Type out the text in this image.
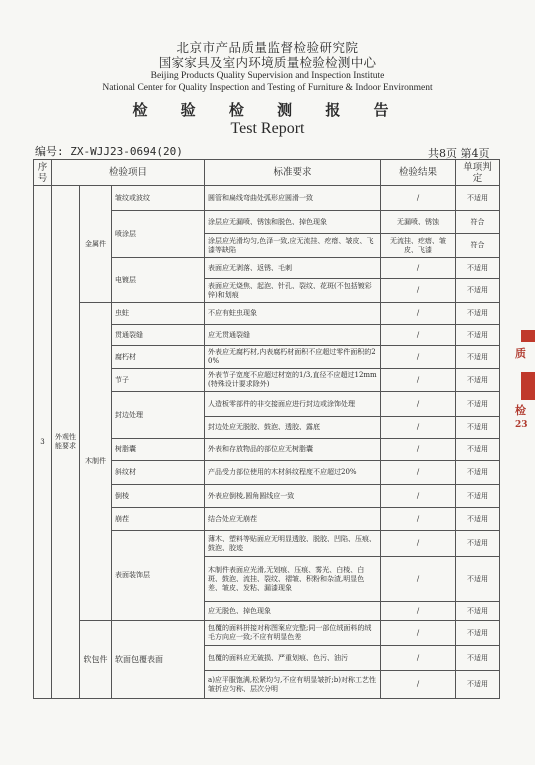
北京市产品质量监督检验研究院
国家家具及室内环境质量检验检测中心
Beijing Products Quality Supervision and Inspection Institute
National Center for Quality Inspection and Testing of Furniture & Indoor Environment
检 验 检 测 报 告
Test Report
编号: ZX-WJJ23-0694(20)	共8页 第4页
序号	检验项目			标准要求	检验结果	单项判定
3	外观性能要求	金属件	皱纹或波纹	圆管和扁线弯曲处弧形应圆滑一致	/	不适用
			喷涂层	涂层应无漏喷、锈蚀和脱色、掉色现象	无漏喷、锈蚀	符合
				涂层应光滑均匀,色泽一致,应无流挂、疙瘩、皱皮、飞漆等缺陷	无流挂、疙瘩、皱皮、飞漆	符合
			电镀层	表面应无剥落、返锈、毛刺	/	不适用
				表面应无烧焦、起泡、针孔、裂纹、花斑(不包括镀彩锌)和划痕	/	不适用
		木制件	虫蛀	不应有蛀虫现象	/	不适用
			贯通裂缝	应无贯通裂缝	/	不适用
			腐朽材	外表应无腐朽材,内表腐朽材面积不应超过零件面积的20%	/	不适用
			节子	外表节子宽度不应超过材宽的1/3,直径不应超过12mm(特殊设计要求除外)	/	不适用
			封边处理	人造板零部件的非交接面应进行封边或涂饰处理	/	不适用
				封边处应无脱胶、鼓泡、透胶、露底	/	不适用
			树脂囊	外表和存放物品的部位应无树脂囊	/	不适用
			斜纹材	产品受力部位使用的木材斜纹程度不应超过20%	/	不适用
			倒棱	外表应倒棱,圆角圆线应一致	/	不适用
			崩茬	结合处应无崩茬	/	不适用
			表面装饰层	薄木、塑料等贴面应无明显透胶、脱胶、凹陷、压痕、鼓泡、胶迹	/	不适用
				木制件表面应光滑,无划痕、压痕、雾光、白棱、白斑、鼓泡、流挂、裂纹、褶皱、积粉和杂渣,明显色差、皱皮、发粘、漏漆现象	/	不适用
				应无脱色、掉色现象	/	不适用
		软包件	软面包覆表面	包覆的面料拼接对称图案应完整;同一部位绒面料的绒毛方向应一致;不应有明显色差	/	不适用
				包覆的面料应无破损、严重划痕、色污、油污	/	不适用
				a)应平服饱满,松紧均匀,不应有明显皱折;b)对称工艺性皱折应匀称、层次分明	/	不适用
质
检
23
